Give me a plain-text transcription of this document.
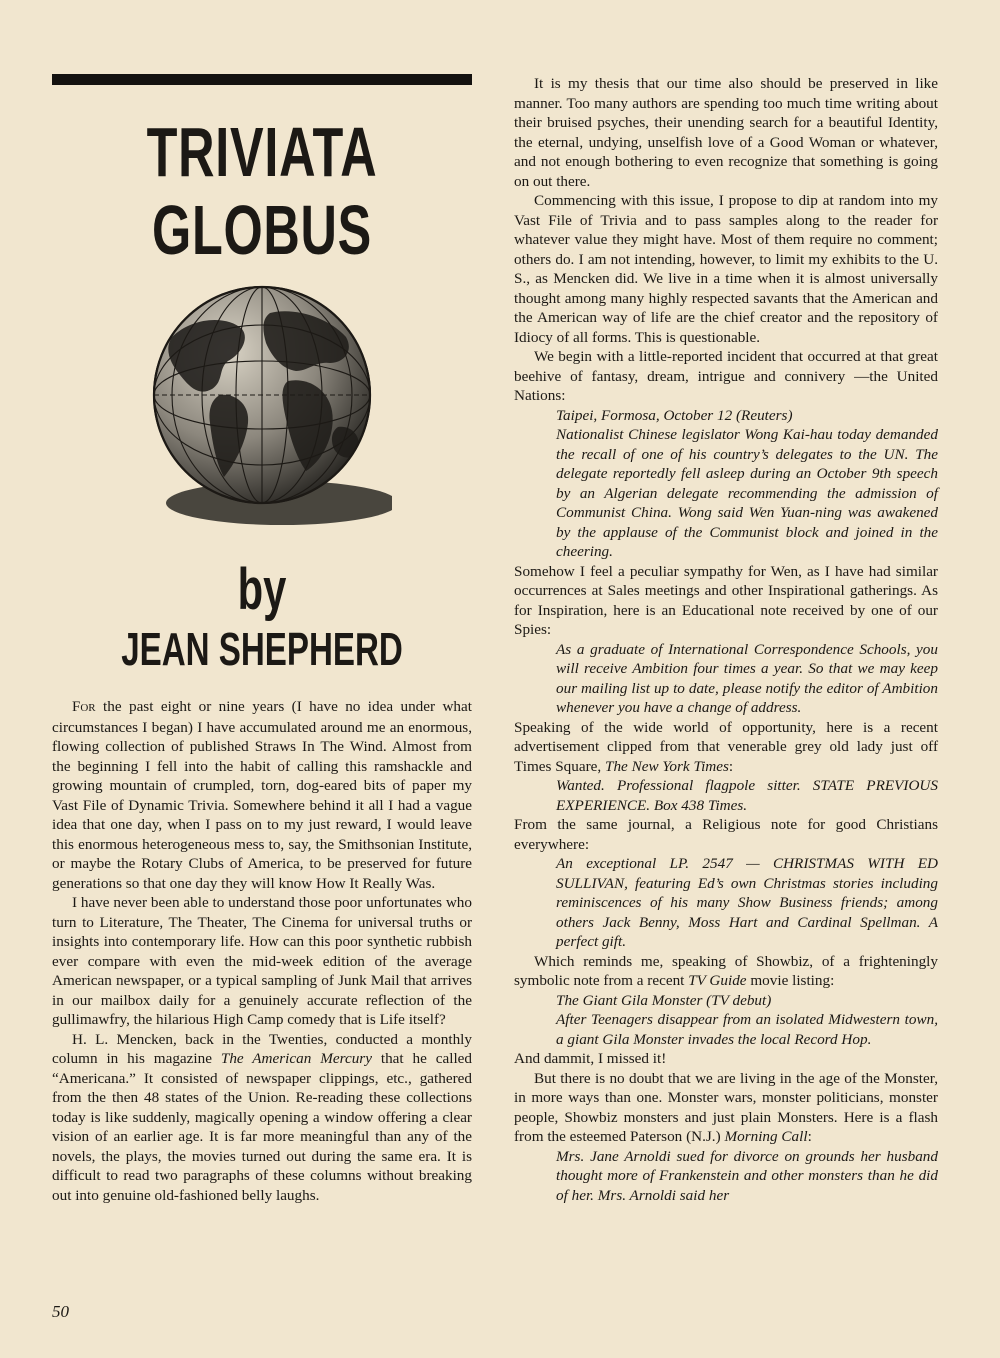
TRIVIATA
GLOBUS
by
JEAN SHEPHERD

For the past eight or nine years (I have no idea under what circumstances I began) I have accumulated around me an enormous, flowing collection of published Straws In The Wind. Almost from the beginning I fell into the habit of calling this ramshackle and growing mountain of crumpled, torn, dog-eared bits of paper my Vast File of Dynamic Trivia. Somewhere behind it all I had a vague idea that one day, when I pass on to my just reward, I would leave this enormous heterogeneous mess to, say, the Smithsonian Institute, or maybe the Rotary Clubs of America, to be preserved for future generations so that one day they will know How It Really Was.

I have never been able to understand those poor unfortunates who turn to Literature, The Theater, The Cinema for universal truths or insights into contemporary life. How can this poor synthetic rubbish ever compare with even the mid-week edition of the average American newspaper, or a typical sampling of Junk Mail that arrives in our mailbox daily for a genuinely accurate reflection of the gullimawfry, the hilarious High Camp comedy that is Life itself?

H. L. Mencken, back in the Twenties, conducted a monthly column in his magazine The American Mercury that he called “Americana.” It consisted of newspaper clippings, etc., gathered from the then 48 states of the Union. Re-reading these collections today is like suddenly, magically opening a window offering a clear vision of an earlier age. It is far more meaningful than any of the novels, the plays, the movies turned out during the same era. It is difficult to read two paragraphs of these columns without breaking out into genuine old-fashioned belly laughs.

It is my thesis that our time also should be preserved in like manner. Too many authors are spending too much time writing about their bruised psyches, their unending search for a beautiful Identity, the eternal, undying, unselfish love of a Good Woman or whatever, and not enough bothering to even recognize that something is going on out there.

Commencing with this issue, I propose to dip at random into my Vast File of Trivia and to pass samples along to the reader for whatever value they might have. Most of them require no comment; others do. I am not intending, however, to limit my exhibits to the U. S., as Mencken did. We live in a time when it is almost universally thought among many highly respected savants that the American and the American way of life are the chief creator and the repository of Idiocy of all forms. This is questionable.

We begin with a little-reported incident that occurred at that great beehive of fantasy, dream, intrigue and connivery —the United Nations:

Taipei, Formosa, October 12 (Reuters)

Nationalist Chinese legislator Wong Kai-hau today demanded the recall of one of his country’s delegates to the UN. The delegate reportedly fell asleep during an October 9th speech by an Algerian delegate recommending the admission of Communist China. Wong said Wen Yuan-ning was awakened by the applause of the Communist block and joined in the cheering.

Somehow I feel a peculiar sympathy for Wen, as I have had similar occurrences at Sales meetings and other Inspirational gatherings. As for Inspiration, here is an Educational note received by one of our Spies:

As a graduate of International Correspondence Schools, you will receive Ambition four times a year. So that we may keep our mailing list up to date, please notify the editor of Ambition whenever you have a change of address.

Speaking of the wide world of opportunity, here is a recent advertisement clipped from that venerable grey old lady just off Times Square, The New York Times:

Wanted. Professional flagpole sitter. STATE PREVIOUS EXPERIENCE. Box 438 Times.

From the same journal, a Religious note for good Christians everywhere:

An exceptional LP. 2547 — CHRISTMAS WITH ED SULLIVAN, featuring Ed’s own Christmas stories including reminiscences of his many Show Business friends; among others Jack Benny, Moss Hart and Cardinal Spellman. A perfect gift.

Which reminds me, speaking of Showbiz, of a frighteningly symbolic note from a recent TV Guide movie listing:

The Giant Gila Monster (TV debut)

After Teenagers disappear from an isolated Midwestern town, a giant Gila Monster invades the local Record Hop.

And dammit, I missed it!

But there is no doubt that we are living in the age of the Monster, in more ways than one. Monster wars, monster politicians, monster people, Showbiz monsters and just plain Monsters. Here is a flash from the esteemed Paterson (N.J.) Morning Call:

Mrs. Jane Arnoldi sued for divorce on grounds her husband thought more of Frankenstein and other monsters than he did of her. Mrs. Arnoldi said her

50
